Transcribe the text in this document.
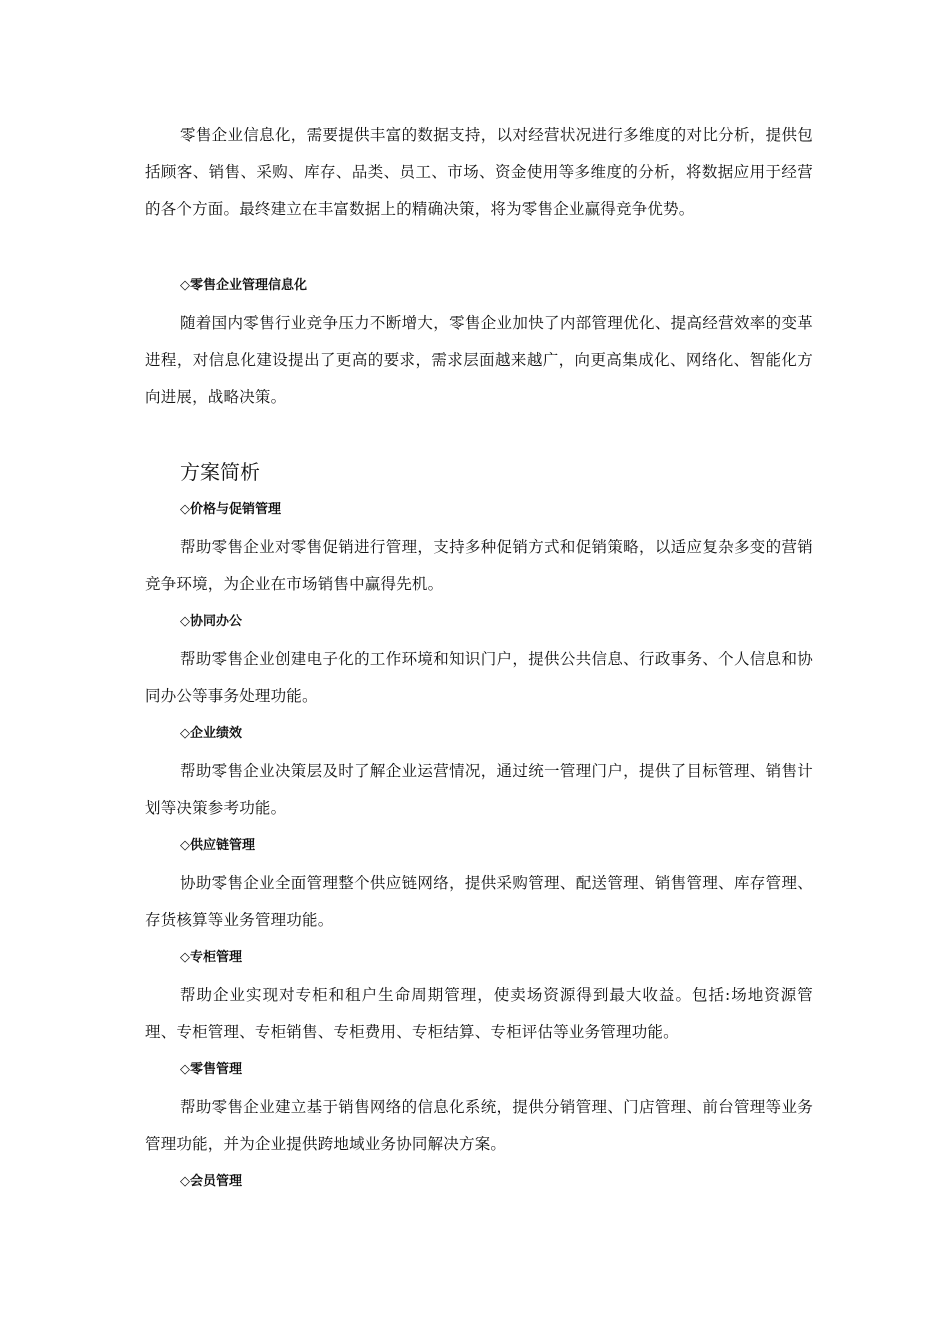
零售企业信息化，需要提供丰富的数据支持，以对经营状况进行多维度的对比分析，提供包括顾客、销售、采购、库存、品类、员工、市场、资金使用等多维度的分析，将数据应用于经营的各个方面。最终建立在丰富数据上的精确决策，将为零售企业赢得竞争优势。

◇零售企业管理信息化

随着国内零售行业竞争压力不断增大，零售企业加快了内部管理优化、提高经营效率的变革进程，对信息化建设提出了更高的要求，需求层面越来越广，向更高集成化、网络化、智能化方向进展，战略决策。

方案简析
◇价格与促销管理

帮助零售企业对零售促销进行管理，支持多种促销方式和促销策略，以适应复杂多变的营销竞争环境，为企业在市场销售中赢得先机。

◇协同办公

帮助零售企业创建电子化的工作环境和知识门户，提供公共信息、行政事务、个人信息和协同办公等事务处理功能。

◇企业绩效

帮助零售企业决策层及时了解企业运营情况，通过统一管理门户，提供了目标管理、销售计划等决策参考功能。

◇供应链管理

协助零售企业全面管理整个供应链网络，提供采购管理、配送管理、销售管理、库存管理、存货核算等业务管理功能。

◇专柜管理

帮助企业实现对专柜和租户生命周期管理，使卖场资源得到最大收益。包括:场地资源管理、专柜管理、专柜销售、专柜费用、专柜结算、专柜评估等业务管理功能。

◇零售管理

帮助零售企业建立基于销售网络的信息化系统，提供分销管理、门店管理、前台管理等业务管理功能，并为企业提供跨地域业务协同解决方案。

◇会员管理
